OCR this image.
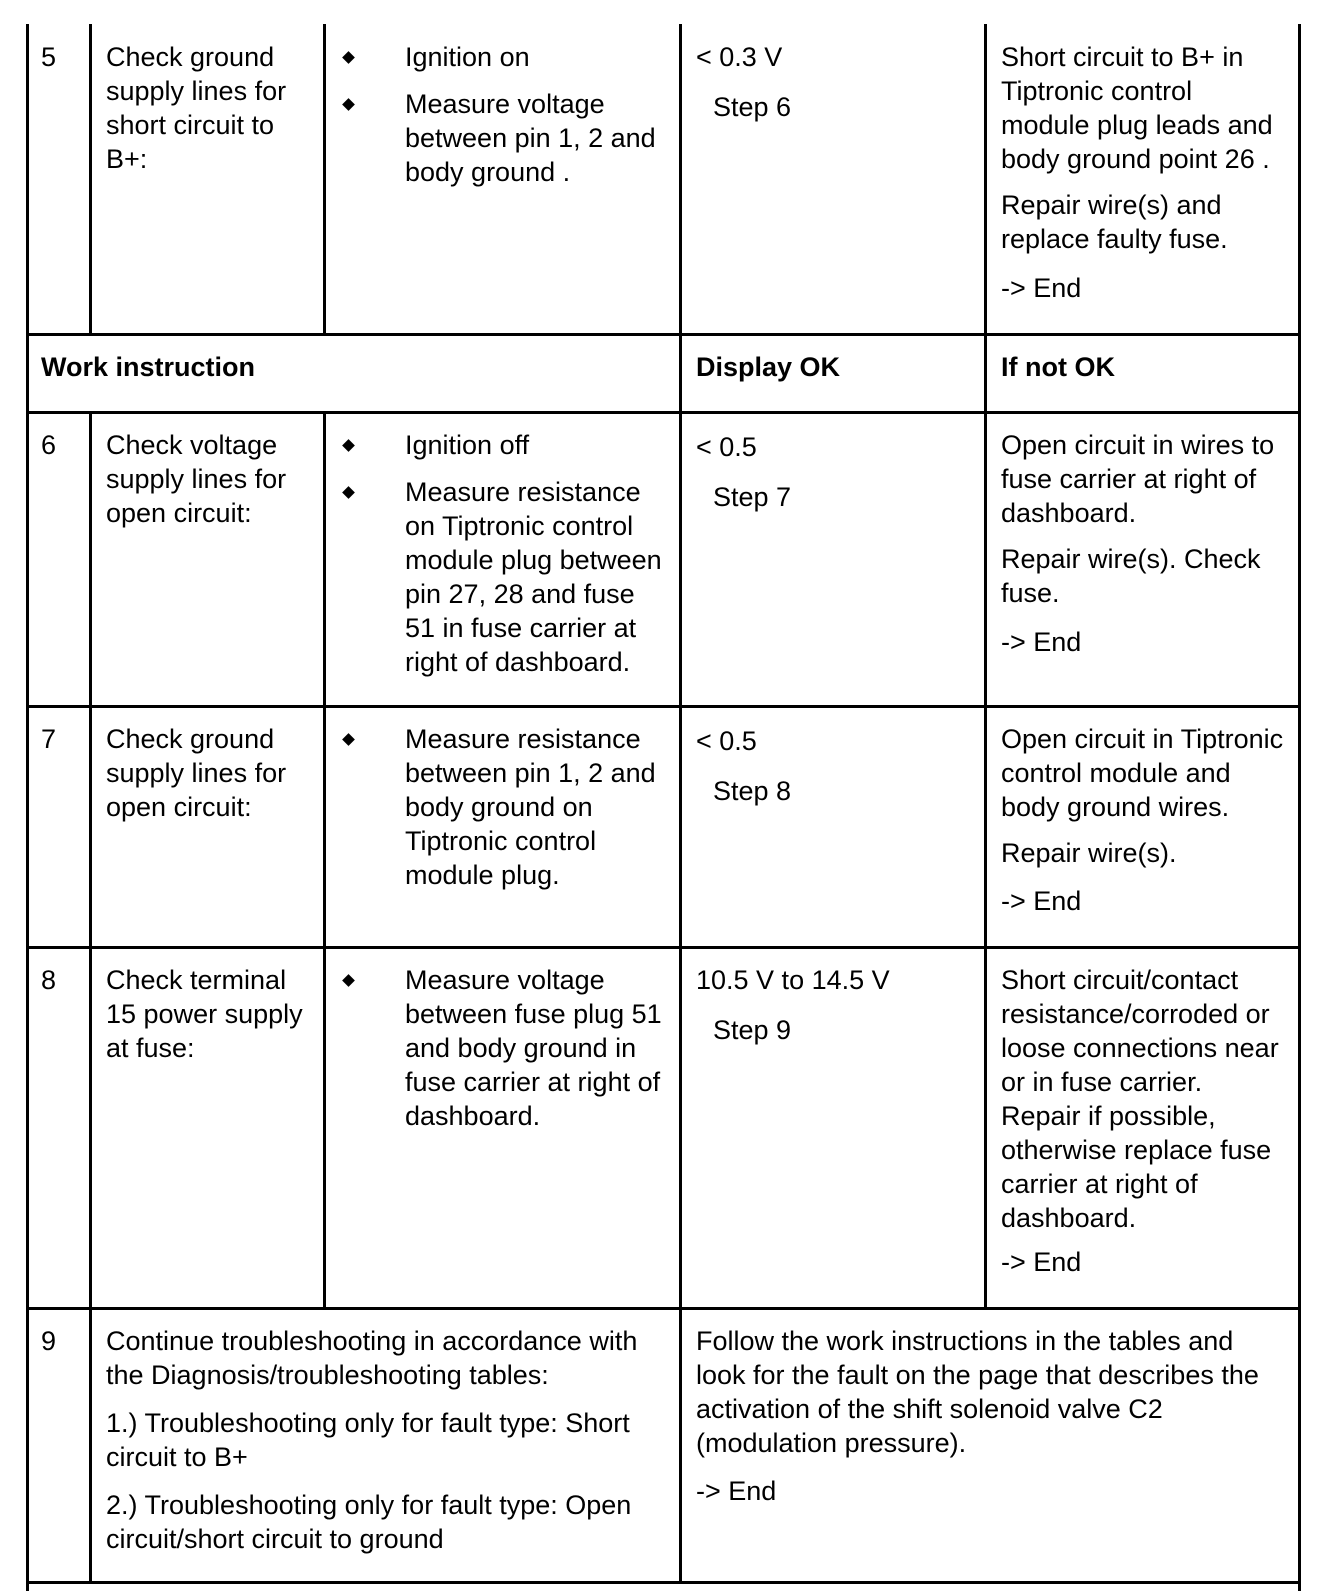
5 Check ground
supply lines for
short circuit to
B+:
Ignition on
Measure voltage
between pin 1, 2 and
body ground .
< 0.3 V
Step 6
Short circuit to B+ in
Tiptronic control
module plug leads and
body ground point 26 .
Repair wire(s) and
replace faulty fuse.
-> End
Work instruction	Display OK	If not OK
6 Check voltage
supply lines for
open circuit:
Ignition off
Measure resistance
on Tiptronic control
module plug between
pin 27, 28 and fuse
51 in fuse carrier at
right of dashboard.
< 0.5
Step 7
Open circuit in wires to
fuse carrier at right of
dashboard.
Repair wire(s). Check
fuse.
-> End
7 Check ground
supply lines for
open circuit:
Measure resistance
between pin 1, 2 and
body ground on
Tiptronic control
module plug.
< 0.5
Step 8
Open circuit in Tiptronic
control module and
body ground wires.
Repair wire(s).
-> End
8 Check terminal
15 power supply
at fuse:
Measure voltage
between fuse plug 51
and body ground in
fuse carrier at right of
dashboard.
10.5 V to 14.5 V
Step 9
Short circuit/contact
resistance/corroded or
loose connections near
or in fuse carrier.
Repair if possible,
otherwise replace fuse
carrier at right of
dashboard.
-> End
9 Continue troubleshooting in accordance with
the Diagnosis/troubleshooting tables:
1.) Troubleshooting only for fault type: Short
circuit to B+
2.) Troubleshooting only for fault type: Open
circuit/short circuit to ground
Follow the work instructions in the tables and
look for the fault on the page that describes the
activation of the shift solenoid valve C2
(modulation pressure).
-> End
